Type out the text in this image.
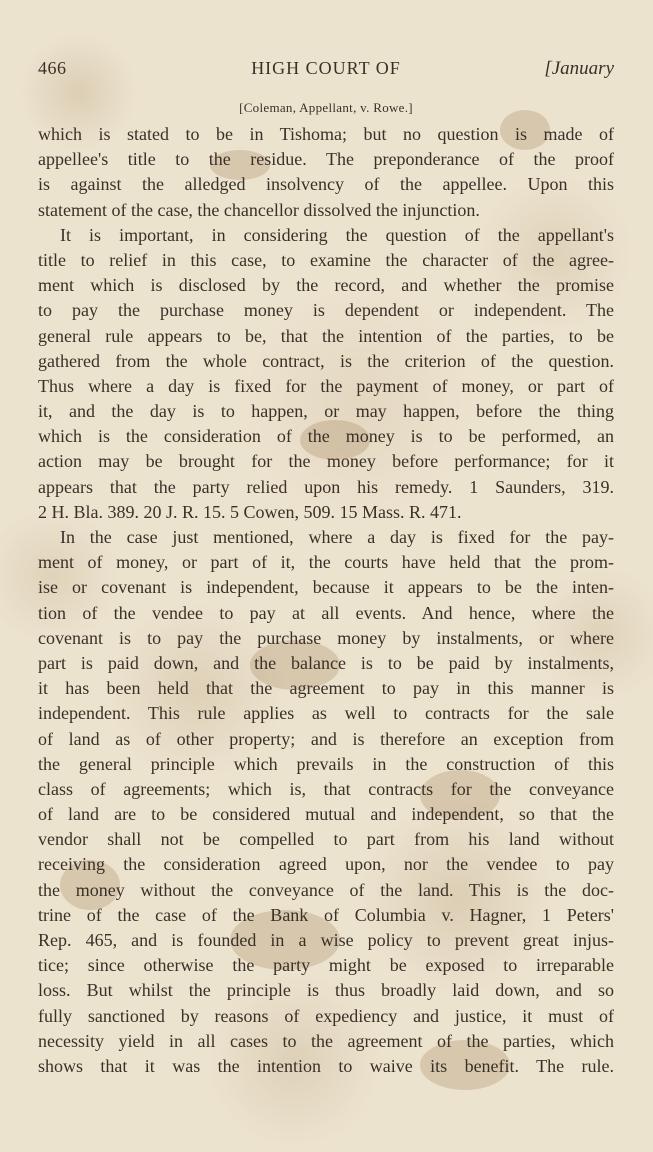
466	HIGH COURT OF	[January
[Coleman, Appellant, v. Rowe.]
which is stated to be in Tishoma; but no question is made of
appellee's title to the residue. The preponderance of the proof
is against the alledged insolvency of the appellee. Upon this
statement of the case, the chancellor dissolved the injunction.
It is important, in considering the question of the appellant's
title to relief in this case, to examine the character of the agree-
ment which is disclosed by the record, and whether the promise
to pay the purchase money is dependent or independent. The
general rule appears to be, that the intention of the parties, to be
gathered from the whole contract, is the criterion of the question.
Thus where a day is fixed for the payment of money, or part of
it, and the day is to happen, or may happen, before the thing
which is the consideration of the money is to be performed, an
action may be brought for the money before performance; for it
appears that the party relied upon his remedy. 1 Saunders, 319.
2 H. Bla. 389. 20 J. R. 15. 5 Cowen, 509. 15 Mass. R. 471.
In the case just mentioned, where a day is fixed for the pay-
ment of money, or part of it, the courts have held that the prom-
ise or covenant is independent, because it appears to be the inten-
tion of the vendee to pay at all events. And hence, where the
covenant is to pay the purchase money by instalments, or where
part is paid down, and the balance is to be paid by instalments,
it has been held that the agreement to pay in this manner is
independent. This rule applies as well to contracts for the sale
of land as of other property; and is therefore an exception from
the general principle which prevails in the construction of this
class of agreements; which is, that contracts for the conveyance
of land are to be considered mutual and independent, so that the
vendor shall not be compelled to part from his land without
receiving the consideration agreed upon, nor the vendee to pay
the money without the conveyance of the land. This is the doc-
trine of the case of the Bank of Columbia v. Hagner, 1 Peters'
Rep. 465, and is founded in a wise policy to prevent great injus-
tice; since otherwise the party might be exposed to irreparable
loss. But whilst the principle is thus broadly laid down, and so
fully sanctioned by reasons of expediency and justice, it must of
necessity yield in all cases to the agreement of the parties, which
shows that it was the intention to waive its benefit. The rule.
